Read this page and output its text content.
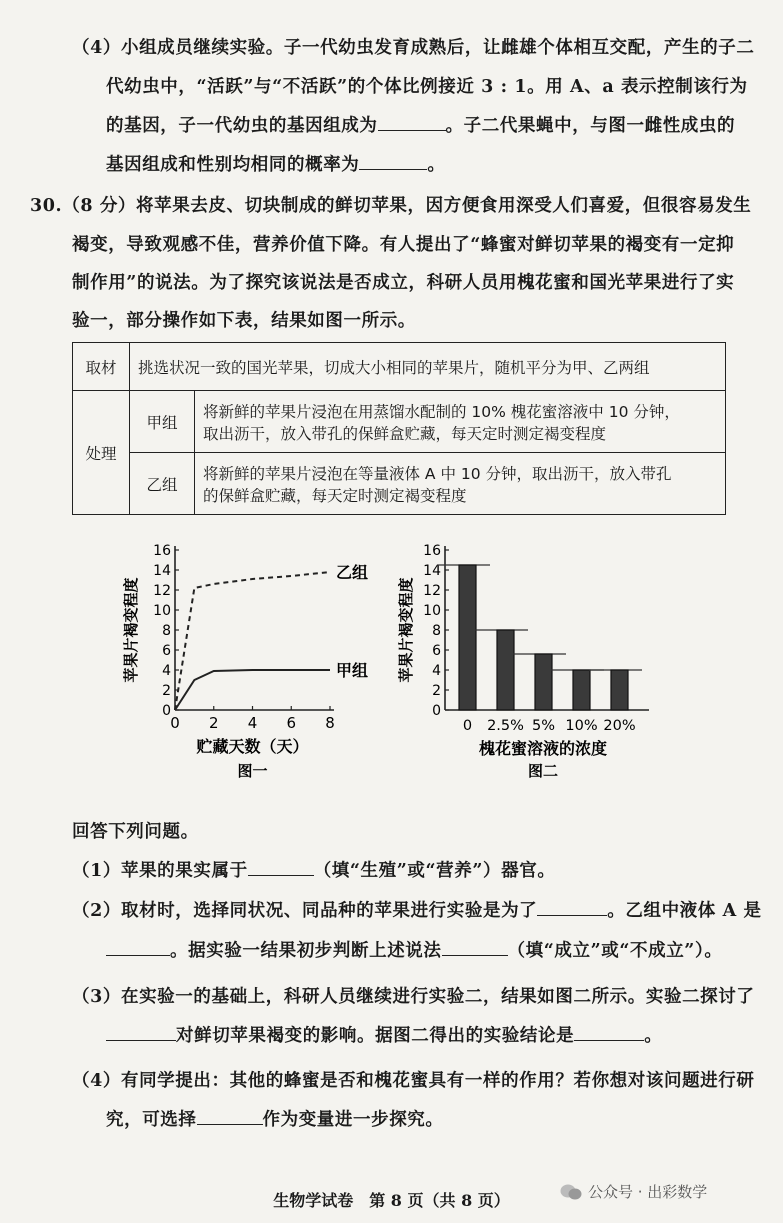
（4）小组成员继续实验。子一代幼虫发育成熟后，让雌雄个体相互交配，产生的子二
代幼虫中，“活跃”与“不活跃”的个体比例接近 3 : 1。用 A、a 表示控制该行为
的基因，子一代幼虫的基因组成为	。子二代果蝇中，与图一雌性成虫的
基因组成和性别均相同的概率为	。
30.（8 分）将苹果去皮、切块制成的鲜切苹果，因方便食用深受人们喜爱，但很容易发生
褐变，导致观感不佳，营养价值下降。有人提出了“蜂蜜对鲜切苹果的褐变有一定抑
制作用”的说法。为了探究该说法是否成立，科研人员用槐花蜜和国光苹果进行了实
验一，部分操作如下表，结果如图一所示。
取材	挑选状况一致的国光苹果，切成大小相同的苹果片，随机平分为甲、乙两组	
处理	甲组	将新鲜的苹果片浸泡在用蒸馏水配制的 10% 槐花蜜溶液中 10 分钟，
取出沥干，放入带孔的保鲜盒贮藏，每天定时测定褐变程度

	乙组	将新鲜的苹果片浸泡在等量液体 A 中 10 分钟，取出沥干，放入带孔
的保鲜盒贮藏，每天定时测定褐变程度
0
2
4
6
8
10
12
14
16
0 2 4 6 8
乙组
甲组
苹果片褐变程度
贮藏天数（天）
图一
0
2
4
6
8
10
12
14
16
0 2.5% 5% 10% 20%
苹果片褐变程度
槐花蜜溶液的浓度
图二
回答下列问题。
（1）苹果的果实属于	（填“生殖”或“营养”）器官。
（2）取材时，选择同状况、同品种的苹果进行实验是为了	。乙组中液体 A 是
。据实验一结果初步判断上述说法	（填“成立”或“不成立”）。
（3）在实验一的基础上，科研人员继续进行实验二，结果如图二所示。实验二探讨了
对鲜切苹果褐变的影响。据图二得出的实验结论是	。
（4）有同学提出：其他的蜂蜜是否和槐花蜜具有一样的作用？若你想对该问题进行研
究，可选择	作为变量进一步探究。
生物学试卷　第 8 页（共 8 页）	公众号 · 出彩数学
